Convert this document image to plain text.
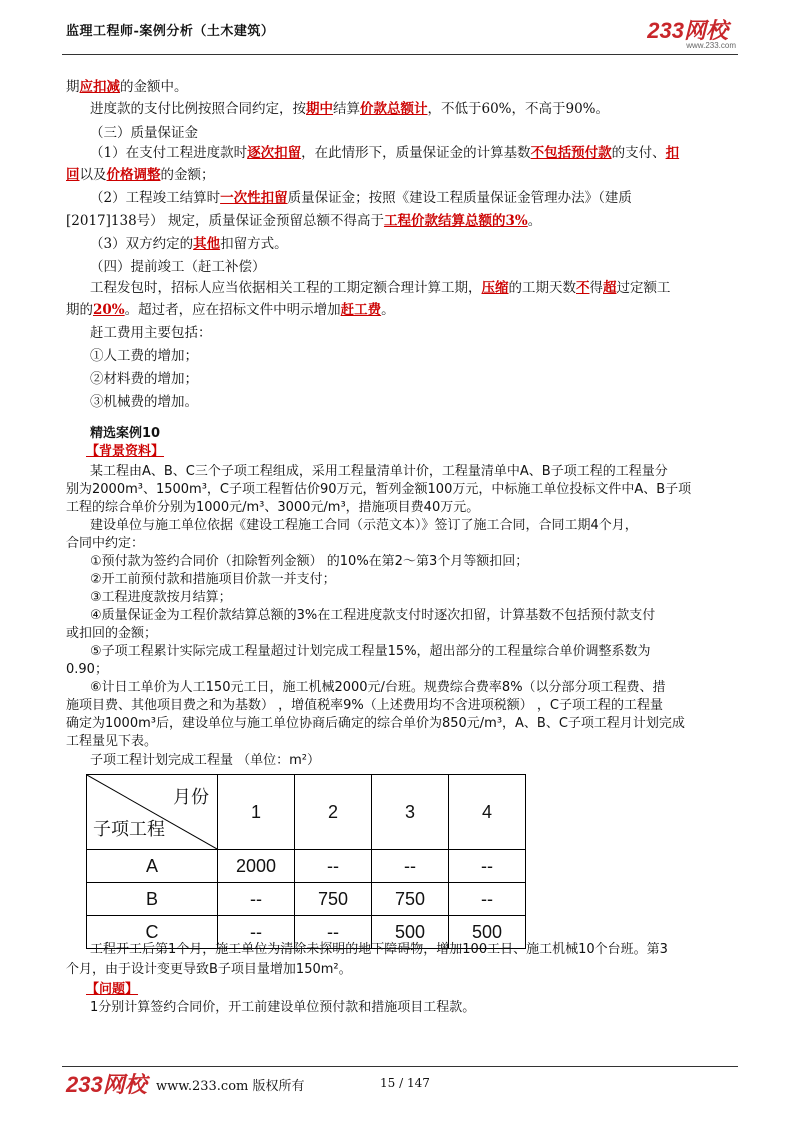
监理工程师-案例分析（土木建筑）	233网校
www.233.com
期应扣减的金额中。
进度款的支付比例按照合同约定，按期中结算价款总额计，不低于60%，不高于90%。
（三）质量保证金
（1）在支付工程进度款时逐次扣留，在此情形下，质量保证金的计算基数不包括预付款的支付、扣
回以及价格调整的金额；
（2）工程竣工结算时一次性扣留质量保证金；按照《建设工程质量保证金管理办法》（建质
[2017]138号） 规定，质量保证金预留总额不得高于工程价款结算总额的3%。
（3）双方约定的其他扣留方式。
（四）提前竣工（赶工补偿）
工程发包时，招标人应当依据相关工程的工期定额合理计算工期，压缩的工期天数不得超过定额工
期的20%。超过者，应在招标文件中明示增加赶工费。
赶工费用主要包括：
①人工费的增加；
②材料费的增加；
③机械费的增加。
精选案例10
【背景资料】
某工程由A、B、C三个子项工程组成，采用工程量清单计价，工程量清单中A、B子项工程的工程量分
别为2000m³、1500m³，C子项工程暂估价90万元，暂列金额100万元，中标施工单位投标文件中A、B子项
工程的综合单价分别为1000元/m³、3000元/m³，措施项目费40万元。
建设单位与施工单位依据《建设工程施工合同（示范文本）》签订了施工合同，合同工期4个月，
合同中约定：
①预付款为签约合同价（扣除暂列金额） 的10%在第2～第3个月等额扣回；
②开工前预付款和措施项目价款一并支付；
③工程进度款按月结算；
④质量保证金为工程价款结算总额的3%在工程进度款支付时逐次扣留，计算基数不包括预付款支付
或扣回的金额；
⑤子项工程累计实际完成工程量超过计划完成工程量15%，超出部分的工程量综合单价调整系数为
0.90；
⑥计日工单价为人工150元工日，施工机械2000元/台班。规费综合费率8%（以分部分项工程费、措
施项目费、其他项目费之和为基数） ，增值税率9%（上述费用均不含进项税额） ，C子项工程的工程量
确定为1000m³后，建设单位与施工单位协商后确定的综合单价为850元/m³，A、B、C子项工程月计划完成
工程量见下表。
子项工程计划完成工程量 （单位：m²）
月份
子项工程	1	2	3	4
A	2000	--	--	--
B	--	750	750	--
C	--	--	500	500
工程开工后第1个月，施工单位为清除未探明的地下障碍物，增加100工日、施工机械10个台班。第3
个月，由于设计变更导致B子项目量增加150m²。
【问题】
1分别计算签约合同价，开工前建设单位预付款和措施项目工程款。
233网校 www.233.com 版权所有	15 / 147
